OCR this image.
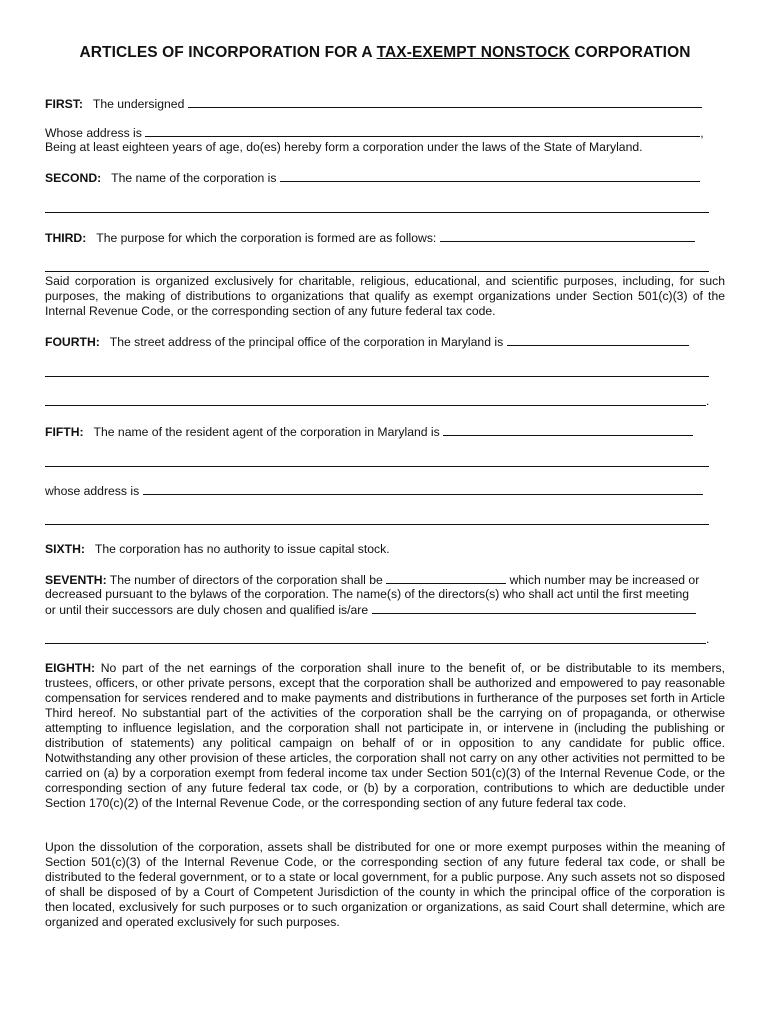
ARTICLES OF INCORPORATION FOR A TAX-EXEMPT NONSTOCK CORPORATION
FIRST: The undersigned
Whose address is	,
Being at least eighteen years of age, do(es) hereby form a corporation under the laws of the State of Maryland.
SECOND: The name of the corporation is
THIRD: The purpose for which the corporation is formed are as follows:
Said corporation is organized exclusively for charitable, religious, educational, and scientific purposes, including, for such purposes, the making of distributions to organizations that qualify as exempt organizations under Section 501(c)(3) of the Internal Revenue Code, or the corresponding section of any future federal tax code.
FOURTH: The street address of the principal office of the corporation in Maryland is
.
FIFTH: The name of the resident agent of the corporation in Maryland is
whose address is
SIXTH: The corporation has no authority to issue capital stock.
SEVENTH: The number of directors of the corporation shall be	which number may be increased or
decreased pursuant to the bylaws of the corporation. The name(s) of the directors(s) who shall act until the first meeting
or until their successors are duly chosen and qualified is/are
.
EIGHTH: No part of the net earnings of the corporation shall inure to the benefit of, or be distributable to its members, trustees, officers, or other private persons, except that the corporation shall be authorized and empowered to pay reasonable compensation for services rendered and to make payments and distributions in furtherance of the purposes set forth in Article Third hereof. No substantial part of the activities of the corporation shall be the carrying on of propaganda, or otherwise attempting to influence legislation, and the corporation shall not participate in, or intervene in (including the publishing or distribution of statements) any political campaign on behalf of or in opposition to any candidate for public office. Notwithstanding any other provision of these articles, the corporation shall not carry on any other activities not permitted to be carried on (a) by a corporation exempt from federal income tax under Section 501(c)(3) of the Internal Revenue Code, or the corresponding section of any future federal tax code, or (b) by a corporation, contributions to which are deductible under Section 170(c)(2) of the Internal Revenue Code, or the corresponding section of any future federal tax code.
Upon the dissolution of the corporation, assets shall be distributed for one or more exempt purposes within the meaning of Section 501(c)(3) of the Internal Revenue Code, or the corresponding section of any future federal tax code, or shall be distributed to the federal government, or to a state or local government, for a public purpose. Any such assets not so disposed of shall be disposed of by a Court of Competent Jurisdiction of the county in which the principal office of the corporation is then located, exclusively for such purposes or to such organization or organizations, as said Court shall determine, which are organized and operated exclusively for such purposes.
